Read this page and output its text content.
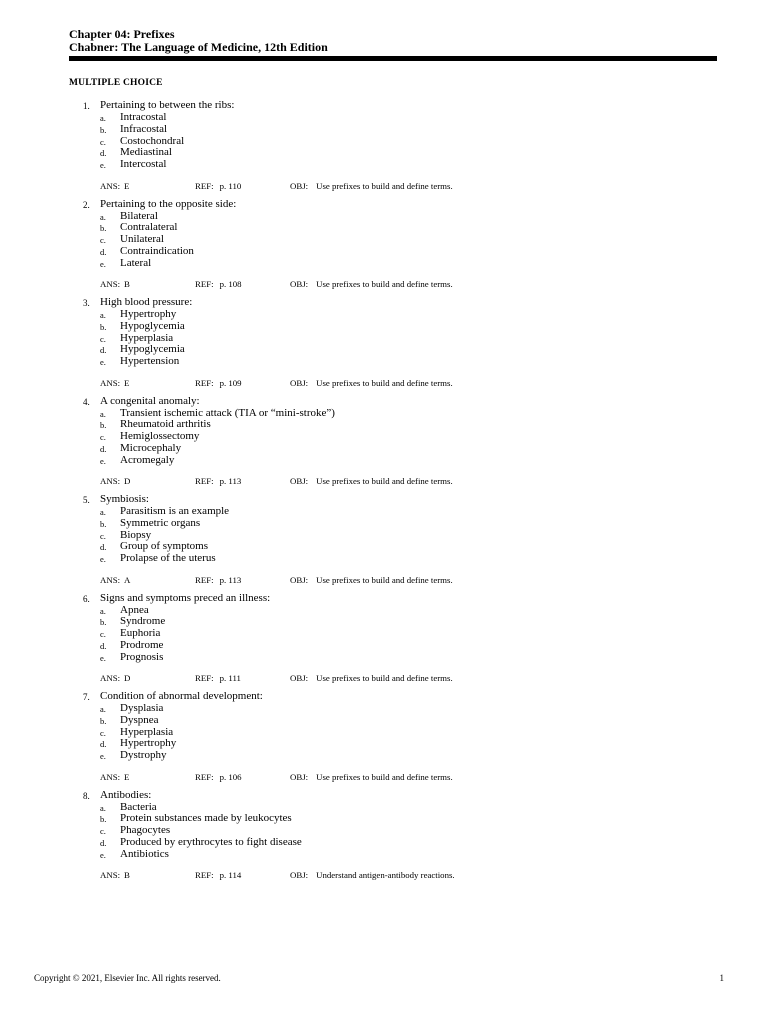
Chapter 04: Prefixes
Chabner: The Language of Medicine, 12th Edition
MULTIPLE CHOICE
1. Pertaining to between the ribs:
a. Intracostal
b. Infracostal
c. Costochondral
d. Mediastinal
e. Intercostal
ANS: E	REF: p. 110	OBJ: Use prefixes to build and define terms.
2. Pertaining to the opposite side:
a. Bilateral
b. Contralateral
c. Unilateral
d. Contraindication
e. Lateral
ANS: B	REF: p. 108	OBJ: Use prefixes to build and define terms.
3. High blood pressure:
a. Hypertrophy
b. Hypoglycemia
c. Hyperplasia
d. Hypoglycemia
e. Hypertension
ANS: E	REF: p. 109	OBJ: Use prefixes to build and define terms.
4. A congenital anomaly:
a. Transient ischemic attack (TIA or “mini-stroke”)
b. Rheumatoid arthritis
c. Hemiglossectomy
d. Microcephaly
e. Acromegaly
ANS: D	REF: p. 113	OBJ: Use prefixes to build and define terms.
5. Symbiosis:
a. Parasitism is an example
b. Symmetric organs
c. Biopsy
d. Group of symptoms
e. Prolapse of the uterus
ANS: A	REF: p. 113	OBJ: Use prefixes to build and define terms.
6. Signs and symptoms preced an illness:
a. Apnea
b. Syndrome
c. Euphoria
d. Prodrome
e. Prognosis
ANS: D	REF: p. 111	OBJ: Use prefixes to build and define terms.
7. Condition of abnormal development:
a. Dysplasia
b. Dyspnea
c. Hyperplasia
d. Hypertrophy
e. Dystrophy
ANS: E	REF: p. 106	OBJ: Use prefixes to build and define terms.
8. Antibodies:
a. Bacteria
b. Protein substances made by leukocytes
c. Phagocytes
d. Produced by erythrocytes to fight disease
e. Antibiotics
ANS: B	REF: p. 114	OBJ: Understand antigen-antibody reactions.
Copyright © 2021, Elsevier Inc. All rights reserved.	1
